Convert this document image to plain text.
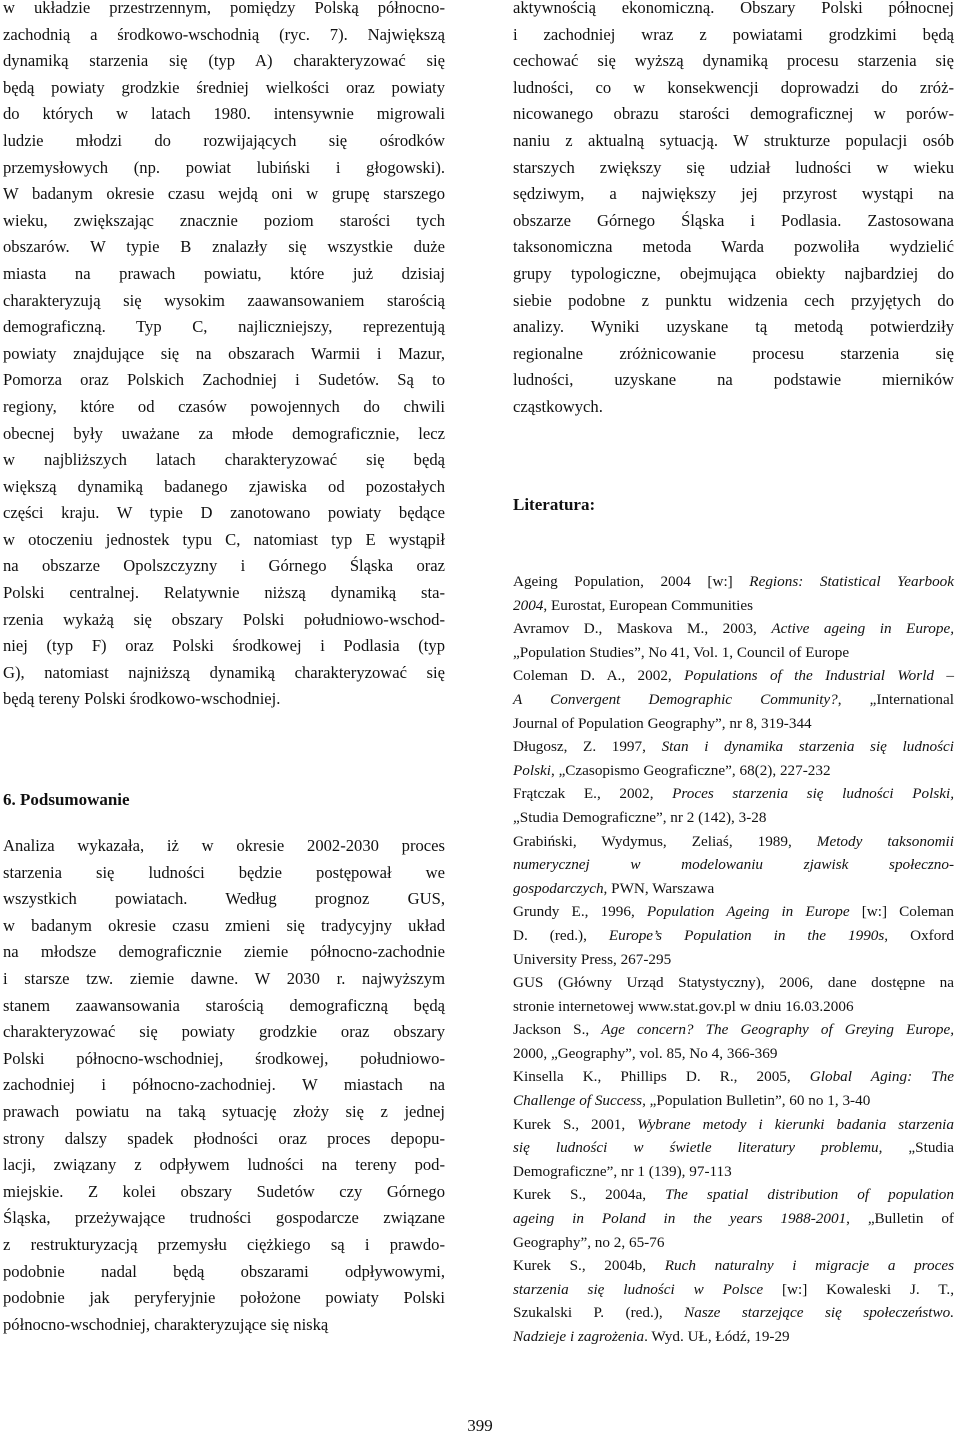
w układzie przestrzennym, pomiędzy Polską północno-
zachodnią a środkowo-wschodnią (ryc. 7). Największą
dynamiką starzenia się (typ A) charakteryzować się
będą powiaty grodzkie średniej wielkości oraz powiaty
do których w latach 1980. intensywnie migrowali
ludzie młodzi do rozwijających się ośrodków
przemysłowych (np. powiat lubiński i głogowski).
W badanym okresie czasu wejdą oni w grupę starszego
wieku, zwiększając znacznie poziom starości tych
obszarów. W typie B znalazły się wszystkie duże
miasta na prawach powiatu, które już dzisiaj
charakteryzują się wysokim zaawansowaniem starością
demograficzną. Typ C, najliczniejszy, reprezentują
powiaty znajdujące się na obszarach Warmii i Mazur,
Pomorza oraz Polskich Zachodniej i Sudetów. Są to
regiony, które od czasów powojennych do chwili
obecnej były uważane za młode demograficznie, lecz
w najbliższych latach charakteryzować się będą
większą dynamiką badanego zjawiska od pozostałych
części kraju. W typie D zanotowano powiaty będące
w otoczeniu jednostek typu C, natomiast typ E wystąpił
na obszarze Opolszczyzny i Górnego Śląska oraz
Polski centralnej. Relatywnie niższą dynamiką sta-
rzenia wykażą się obszary Polski południowo-wschod-
niej (typ F) oraz Polski środkowej i Podlasia (typ
G), natomiast najniższą dynamiką charakteryzować się
będą tereny Polski środkowo-wschodniej.

6. Podsumowanie

Analiza wykazała, iż w okresie 2002-2030 proces
starzenia się ludności będzie postępował we
wszystkich powiatach. Według prognoz GUS,
w badanym okresie czasu zmieni się tradycyjny układ
na młodsze demograficznie ziemie północno-zachodnie
i starsze tzw. ziemie dawne. W 2030 r. najwyższym
stanem zaawansowania starością demograficzną będą
charakteryzować się powiaty grodzkie oraz obszary
Polski północno-wschodniej, środkowej, południowo-
zachodniej i północno-zachodniej. W miastach na
prawach powiatu na taką sytuację złoży się z jednej
strony dalszy spadek płodności oraz proces depopu-
lacji, związany z odpływem ludności na tereny pod-
miejskie. Z kolei obszary Sudetów czy Górnego
Śląska, przeżywające trudności gospodarcze związane
z restrukturyzacją przemysłu ciężkiego są i prawdo-
podobnie nadal będą obszarami odpływowymi,
podobnie jak peryferyjnie położone powiaty Polski
północno-wschodniej, charakteryzujące się niską

aktywnością ekonomiczną. Obszary Polski północnej
i zachodniej wraz z powiatami grodzkimi będą
cechować się wyższą dynamiką procesu starzenia się
ludności, co w konsekwencji doprowadzi do zróż-
nicowanego obrazu starości demograficznej w porów-
naniu z aktualną sytuacją. W strukturze populacji osób
starszych zwiększy się udział ludności w wieku
sędziwym, a największy jej przyrost wystąpi na
obszarze Górnego Śląska i Podlasia. Zastosowana
taksonomiczna metoda Warda pozwoliła wydzielić
grupy typologiczne, obejmująca obiekty najbardziej do
siebie podobne z punktu widzenia cech przyjętych do
analizy. Wyniki uzyskane tą metodą potwierdziły
regionalne zróżnicowanie procesu starzenia się
ludności, uzyskane na podstawie mierników
cząstkowych.

Literatura:

Ageing Population, 2004 [w:] Regions: Statistical Yearbook
2004, Eurostat, European Communities

Avramov D., Maskova M., 2003, Active ageing in Europe,
„Population Studies”, No 41, Vol. 1, Council of Europe

Coleman D. A., 2002, Populations of the Industrial World –
A Convergent Demographic Community?, „International
Journal of Population Geography”, nr 8, 319-344

Długosz, Z. 1997, Stan i dynamika starzenia się ludności
Polski, „Czasopismo Geograficzne”, 68(2), 227-232

Frątczak E., 2002, Proces starzenia się ludności Polski,
„Studia Demograficzne”, nr 2 (142), 3-28

Grabiński, Wydymus, Zeliaś, 1989, Metody taksonomii
numerycznej w modelowaniu zjawisk społeczno-
gospodarczych, PWN, Warszawa

Grundy E., 1996, Population Ageing in Europe [w:] Coleman
D. (red.), Europe’s Population in the 1990s, Oxford
University Press, 267-295

GUS (Główny Urząd Statystyczny), 2006, dane dostępne na
stronie internetowej www.stat.gov.pl w dniu 16.03.2006

Jackson S., Age concern? The Geography of Greying Europe,
2000, „Geography”, vol. 85, No 4, 366-369

Kinsella K., Phillips D. R., 2005, Global Aging: The
Challenge of Success, „Population Bulletin”, 60 no 1, 3-40

Kurek S., 2001, Wybrane metody i kierunki badania starzenia
się ludności w świetle literatury problemu, „Studia
Demograficzne”, nr 1 (139), 97-113

Kurek S., 2004a, The spatial distribution of population
ageing in Poland in the years 1988-2001, „Bulletin of
Geography”, no 2, 65-76

Kurek S., 2004b, Ruch naturalny i migracje a proces
starzenia się ludności w Polsce [w:] Kowaleski J. T.,
Szukalski P. (red.), Nasze starzejące się społeczeństwo.
Nadzieje i zagrożenia. Wyd. UŁ, Łódź, 19-29

399
